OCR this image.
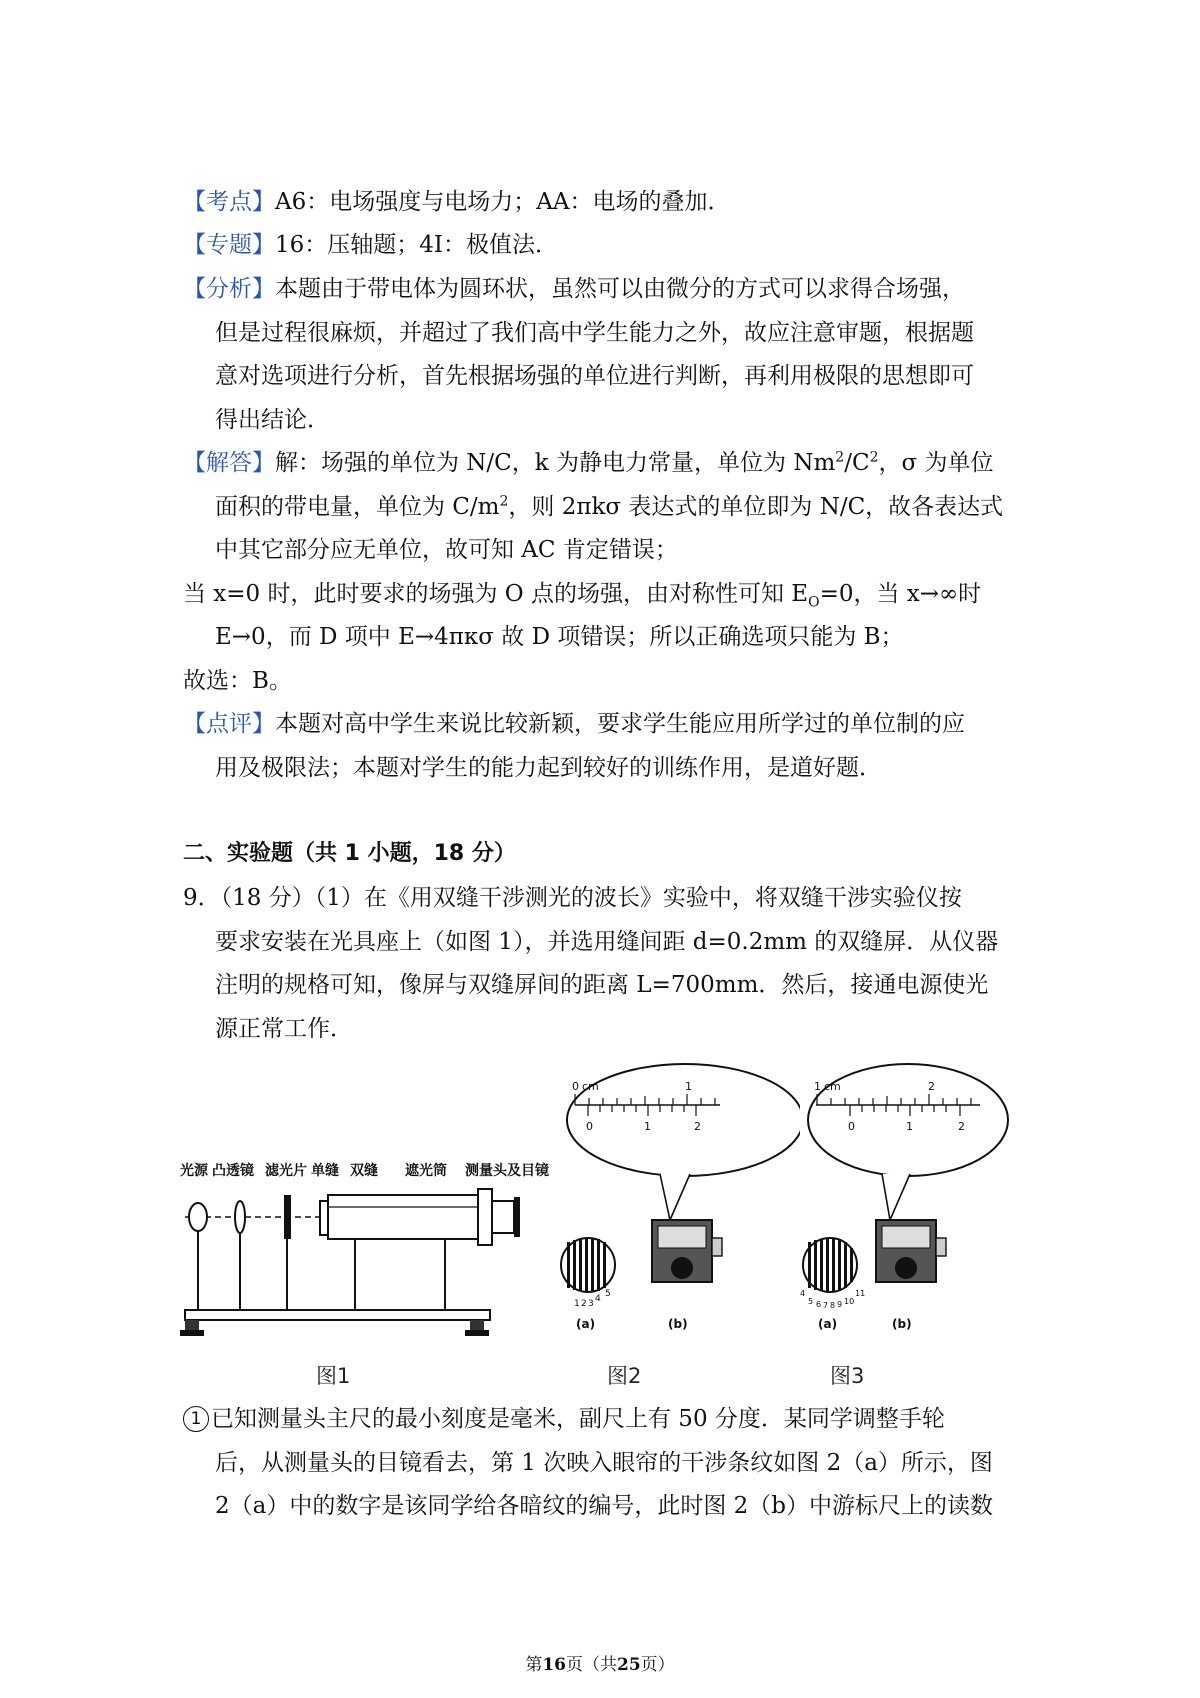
【考点】A6：电场强度与电场力；AA：电场的叠加．
【专题】16：压轴题；4I：极值法．
【分析】本题由于带电体为圆环状，虽然可以由微分的方式可以求得合场强，
但是过程很麻烦，并超过了我们高中学生能力之外，故应注意审题，根据题
意对选项进行分析，首先根据场强的单位进行判断，再利用极限的思想即可
得出结论．
【解答】解：场强的单位为 N/C，k 为静电力常量，单位为 $Nm^2/C^2$，σ 为单位
面积的带电量，单位为 $C/m^2$，则 2πkσ 表达式的单位即为 N/C，故各表达式
中其它部分应无单位，故可知 AC 肯定错误；
当 x=0 时，此时要求的场强为 O 点的场强，由对称性可知 $E_O=0$，当 x→∞时
E→0，而 D 项中 E→4πκσ 故 D 项错误；所以正确选项只能为 B；
故选：B。
【点评】本题对高中学生来说比较新颖，要求学生能应用所学过的单位制的应
用及极限法；本题对学生的能力起到较好的训练作用，是道好题．
二、实验题（共 1 小题，18 分）
9．（18 分）（1）在《用双缝干涉测光的波长》实验中，将双缝干涉实验仪按
要求安装在光具座上（如图 1），并选用缝间距 d=0.2mm 的双缝屏．从仪器
注明的规格可知，像屏与双缝屏间的距离 L=700mm．然后，接通电源使光
源正常工作．
光源 凸透镜 滤光片 单缝 双缝 遮光筒 测量头及目镜
图1
0 cm	1
0	1	2
1 2 3 4 5
(a)	(b)
图2
1 cm	2
0	1	2
4
5 6 7 8 9 10
11
(a)	(b)
图3
1 已知测量头主尺的最小刻度是毫米，副尺上有 50 分度．某同学调整手轮
后，从测量头的目镜看去，第 1 次映入眼帘的干涉条纹如图 2（a）所示，图
2（a）中的数字是该同学给各暗纹的编号，此时图 2（b）中游标尺上的读数
第16页（共25页）
